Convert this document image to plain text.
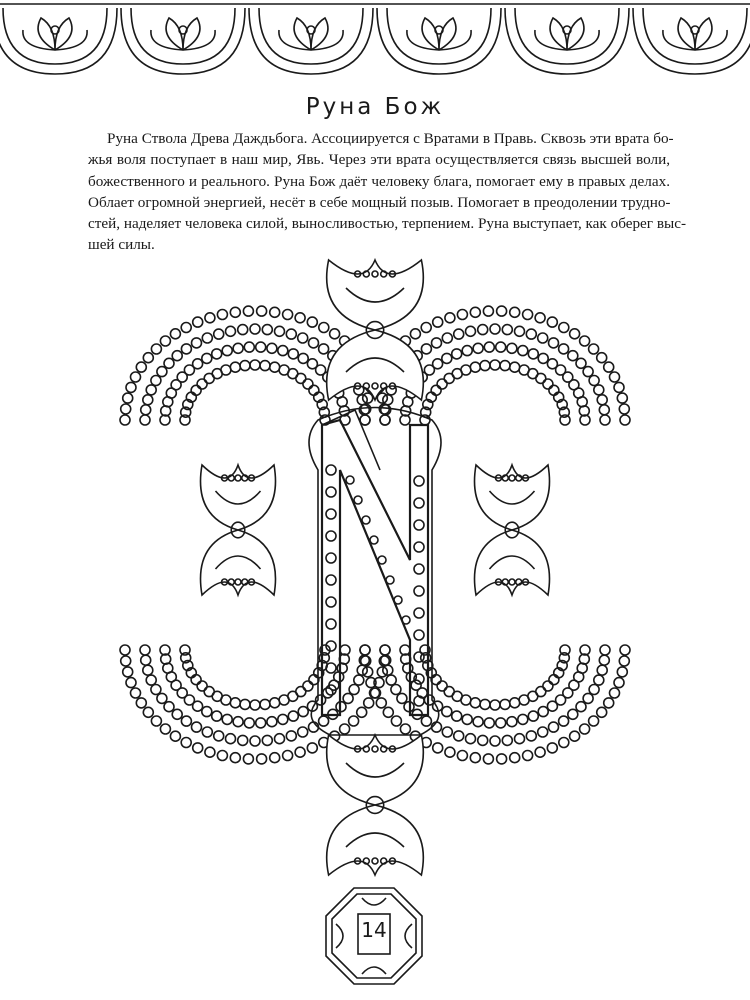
Руна Бож
Руна Ствола Древа Даждьбога. Ассоциируется с Вратами в Правь. Сквозь эти врата бо-
жья воля поступает в наш мир, Явь. Через эти врата осуществляется связь высшей воли,
божественного и реального. Руна Бож даёт человеку блага, помогает ему в правых делах.
Облает огромной энергией, несёт в себе мощный позыв. Помогает в преодолении трудно-
стей, наделяет человека силой, выносливостью, терпением. Руна выступает, как оберег выс-
шей силы.
14
